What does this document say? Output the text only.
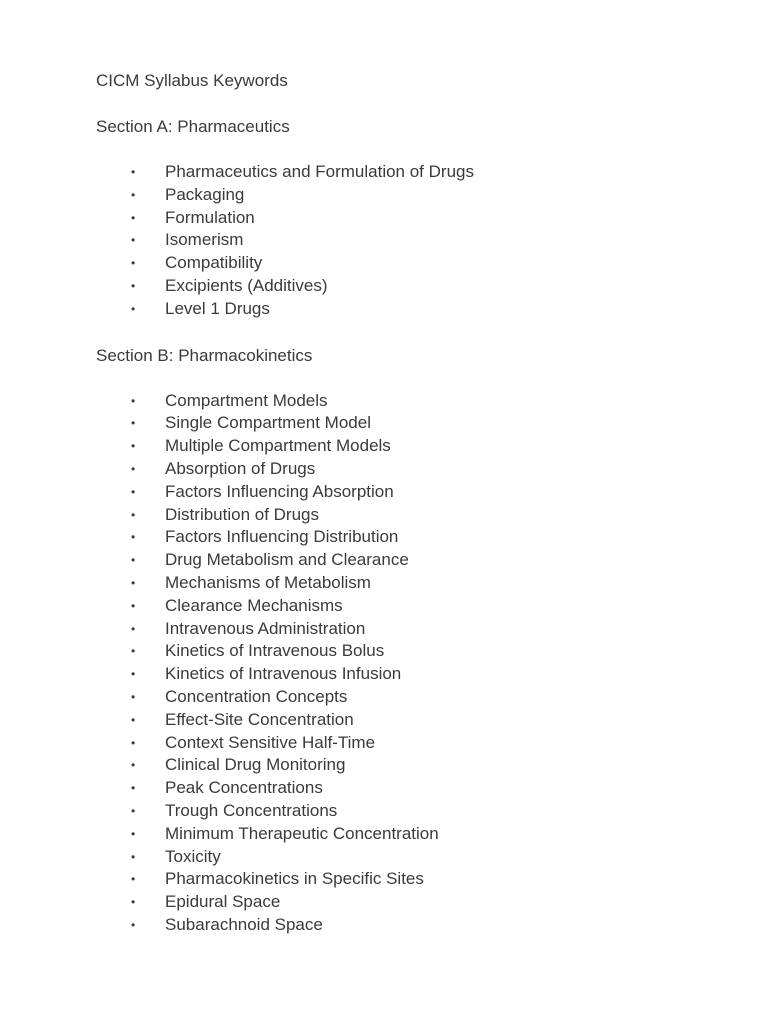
CICM Syllabus Keywords

Section A: Pharmaceutics

• Pharmaceutics and Formulation of Drugs
• Packaging
• Formulation
• Isomerism
• Compatibility
• Excipients (Additives)
• Level 1 Drugs

Section B: Pharmacokinetics

• Compartment Models
• Single Compartment Model
• Multiple Compartment Models
• Absorption of Drugs
• Factors Influencing Absorption
• Distribution of Drugs
• Factors Influencing Distribution
• Drug Metabolism and Clearance
• Mechanisms of Metabolism
• Clearance Mechanisms
• Intravenous Administration
• Kinetics of Intravenous Bolus
• Kinetics of Intravenous Infusion
• Concentration Concepts
• Effect-Site Concentration
• Context Sensitive Half-Time
• Clinical Drug Monitoring
• Peak Concentrations
• Trough Concentrations
• Minimum Therapeutic Concentration
• Toxicity
• Pharmacokinetics in Specific Sites
• Epidural Space
• Subarachnoid Space
